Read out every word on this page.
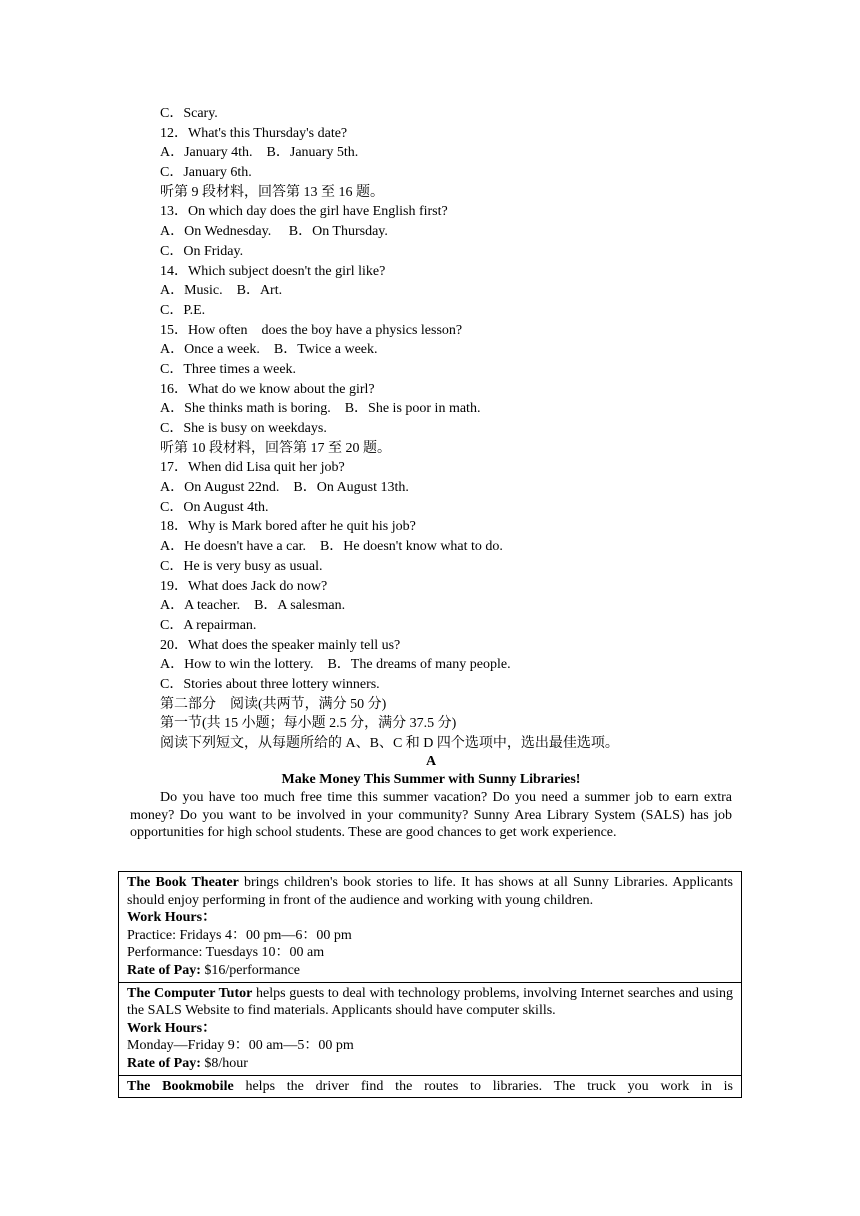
C．Scary.
12．What's this Thursday's date?
A．January 4th.　B．January 5th.
C．January 6th.
听第 9 段材料，回答第 13 至 16 题。
13．On which day does the girl have English first?
A．On Wednesday.　 B．On Thursday.
C．On Friday.
14．Which subject doesn't the girl like?
A．Music.　B．Art.
C．P.E.
15．How often　does the boy have a physics lesson?
A．Once a week.　B．Twice a week.
C．Three times a week.
16．What do we know about the girl?
A．She thinks math is boring.　B．She is poor in math.
C．She is busy on weekdays.
听第 10 段材料，回答第 17 至 20 题。
17．When did Lisa quit her job?
A．On August 22nd.　B．On August 13th.
C．On August 4th.
18．Why is Mark bored after he quit his job?
A．He doesn't have a car.　B．He doesn't know what to do.
C．He is very busy as usual.
19．What does Jack do now?
A．A teacher.　B．A salesman.
C．A repairman.
20．What does the speaker mainly tell us?
A．How to win the lottery.　B．The dreams of many people.
C．Stories about three lottery winners.
第二部分　阅读(共两节，满分 50 分)
第一节(共 15 小题；每小题 2.5 分，满分 37.5 分)
阅读下列短文，从每题所给的 A、B、C 和 D 四个选项中，选出最佳选项。
A
Make Money This Summer with Sunny Libraries!
Do you have too much free time this summer vacation? Do you need a summer job to earn extra money? Do you want to be involved in your community? Sunny Area Library System (SALS) has job opportunities for high school students. These are good chances to get work experience.
The Book Theater brings children's book stories to life. It has shows at all Sunny Libraries. Applicants should enjoy performing in front of the audience and working with young children.
Work Hours：
Practice: Fridays 4：00 pm—6：00 pm
Performance: Tuesdays 10：00 am
Rate of Pay: $16/performance

The Computer Tutor helps guests to deal with technology problems, involving Internet searches and using the SALS Website to find materials. Applicants should have computer skills.
Work Hours：
Monday—Friday 9：00 am—5：00 pm
Rate of Pay: $8/hour

The Bookmobile helps the driver find the routes to libraries. The truck you work in is
